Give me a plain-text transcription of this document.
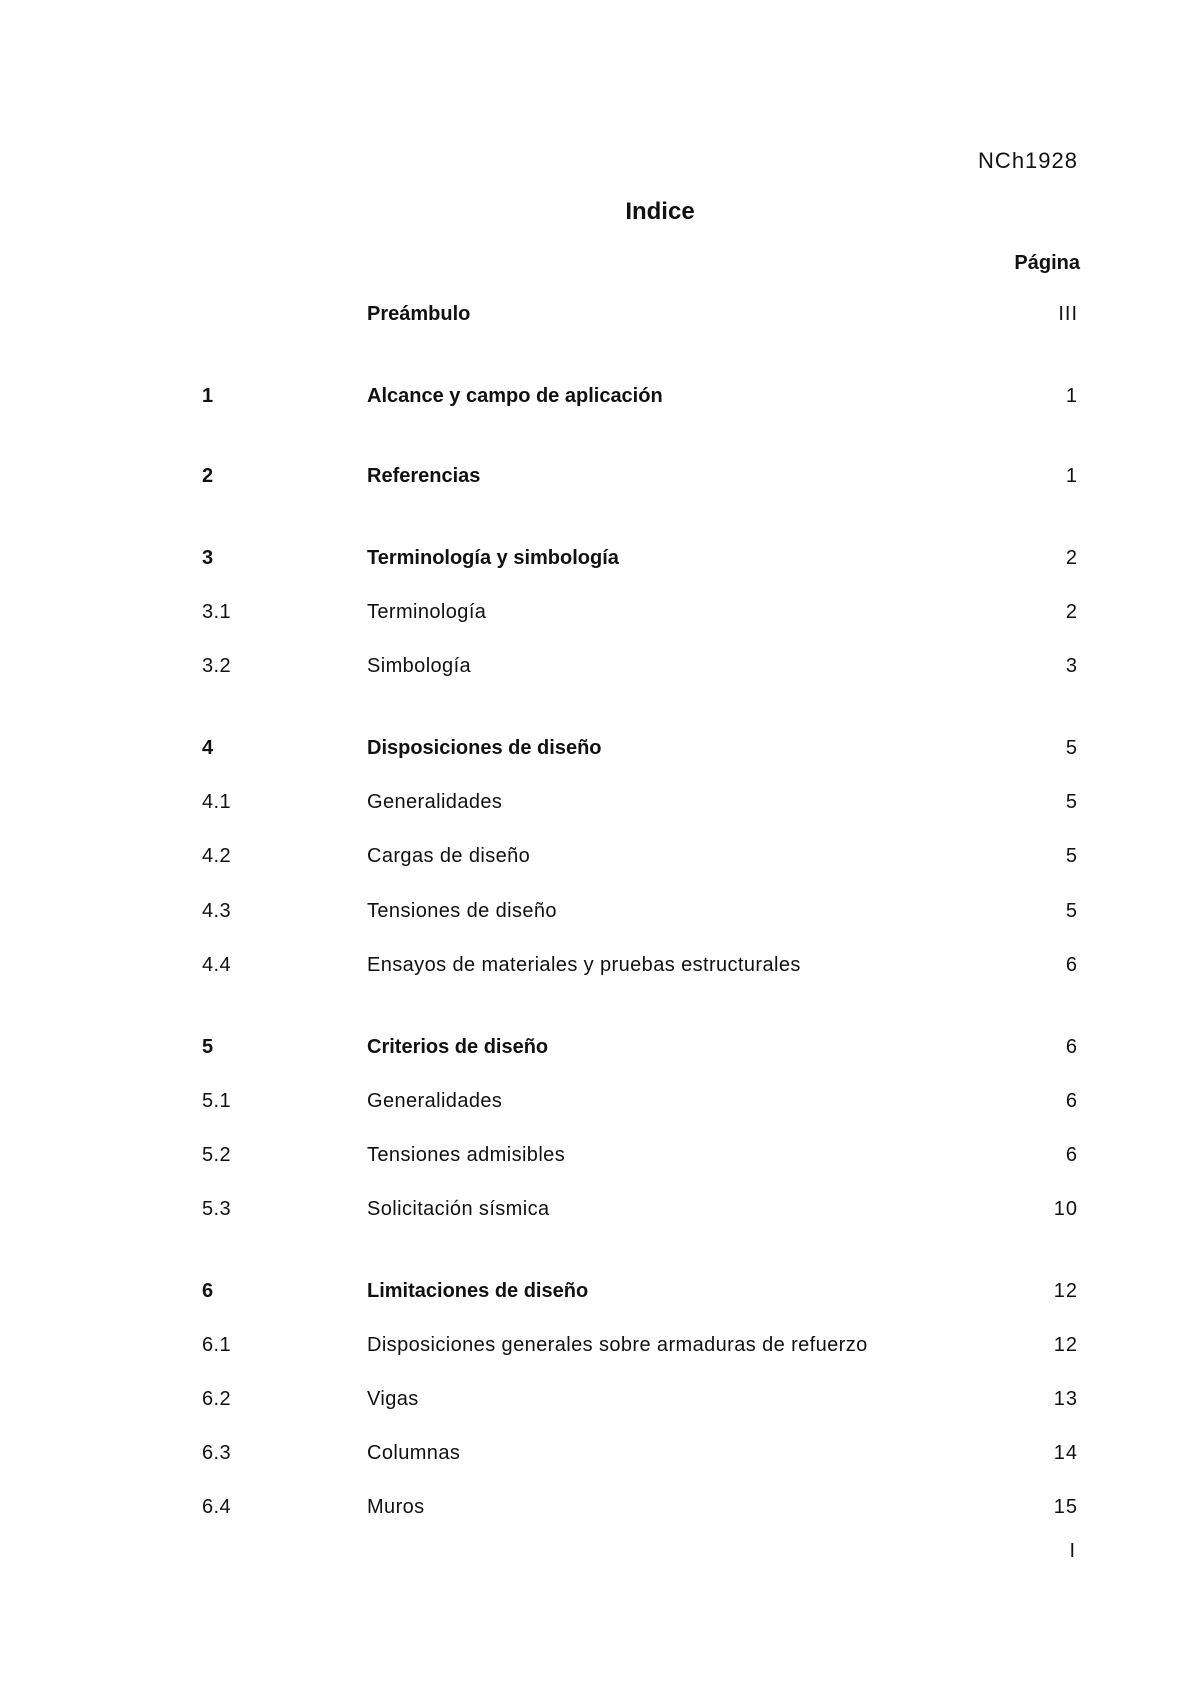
NCh1928
Indice
Página
Preámbulo	III
1	Alcance y campo de aplicación	1
2	Referencias	1
3	Terminología y simbología	2
3.1	Terminología	2
3.2	Simbología	3
4	Disposiciones de diseño	5
4.1	Generalidades	5
4.2	Cargas de diseño	5
4.3	Tensiones de diseño	5
4.4	Ensayos de materiales y pruebas estructurales	6
5	Criterios de diseño	6
5.1	Generalidades	6
5.2	Tensiones admisibles	6
5.3	Solicitación sísmica	10
6	Limitaciones de diseño	12
6.1	Disposiciones generales sobre armaduras de refuerzo	12
6.2	Vigas	13
6.3	Columnas	14
6.4	Muros	15
I
